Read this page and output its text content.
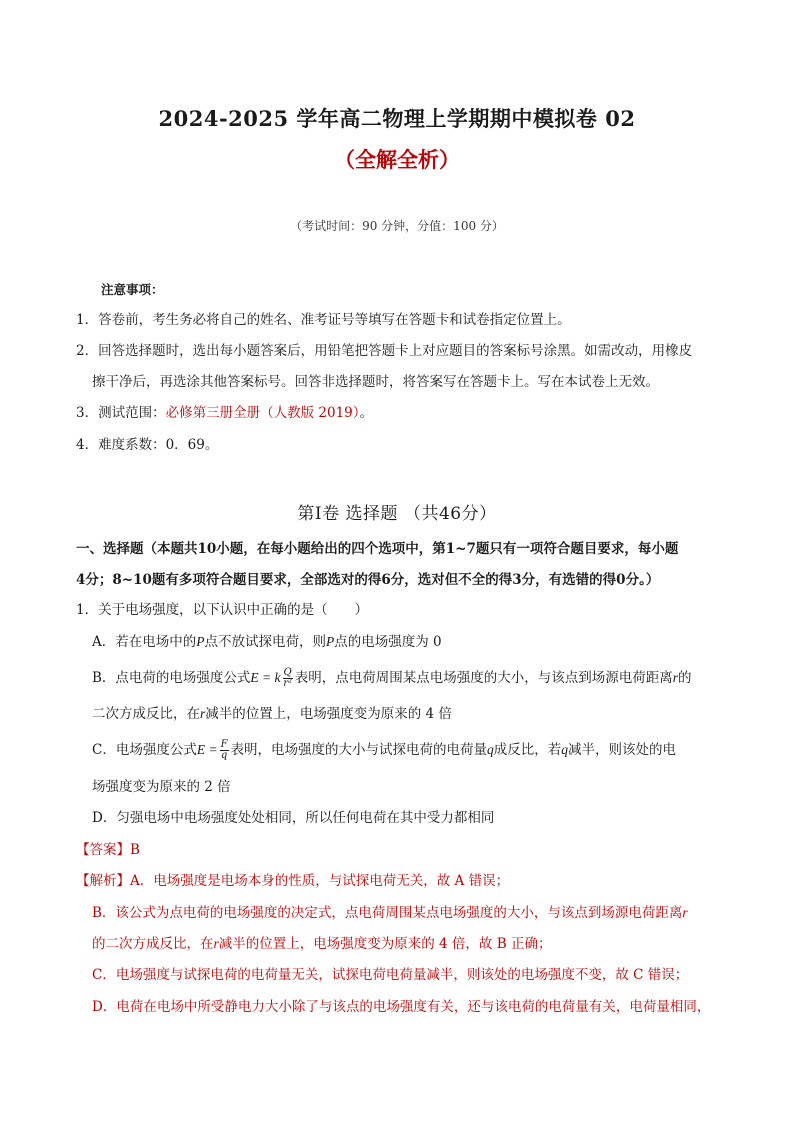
2024-2025 学年高二物理上学期期中模拟卷 02
（全解全析）
（考试时间：90 分钟，分值：100 分）
注意事项：
1．答卷前，考生务必将自己的姓名、准考证号等填写在答题卡和试卷指定位置上。
2．回答选择题时，选出每小题答案后，用铅笔把答题卡上对应题目的答案标号涂黑。如需改动，用橡皮
擦干净后，再选涂其他答案标号。回答非选择题时，将答案写在答题卡上。写在本试卷上无效。
3．测试范围：必修第三册全册（人教版 2019）。
4．难度系数：0．69。
第Ⅰ卷 选择题 （共46分）
一、选择题（本题共10小题，在每小题给出的四个选项中，第1~7题只有一项符合题目要求，每小题
4分；8~10题有多项符合题目要求，全部选对的得6分，选对但不全的得3分，有选错的得0分。）
1．关于电场强度，以下认识中正确的是（　　）
A．若在电场中的P点不放试探电荷，则P点的电场强度为 0
B．点电荷的电场强度公式E = k $\frac{Q}{\text{r²}}$ 表明，点电荷周围某点电场强度的大小，与该点到场源电荷距离r的
二次方成反比，在r减半的位置上，电场强度变为原来的 4 倍
C．电场强度公式$E = \frac{F}{q}$ 表明，电场强度的大小与试探电荷的电荷量q成反比，若q减半，则该处的电
场强度变为原来的 2 倍
D．匀强电场中电场强度处处相同，所以任何电荷在其中受力都相同
【答案】B
【解析】A．电场强度是电场本身的性质，与试探电荷无关，故 A 错误；
B．该公式为点电荷的电场强度的决定式，点电荷周围某点电场强度的大小，与该点到场源电荷距离r
的二次方成反比，在r减半的位置上，电场强度变为原来的 4 倍，故 B 正确；
C．电场强度与试探电荷的电荷量无关，试探电荷电荷量减半，则该处的电场强度不变，故 C 错误；
D．电荷在电场中所受静电力大小除了与该点的电场强度有关，还与该电荷的电荷量有关，电荷量相同，
